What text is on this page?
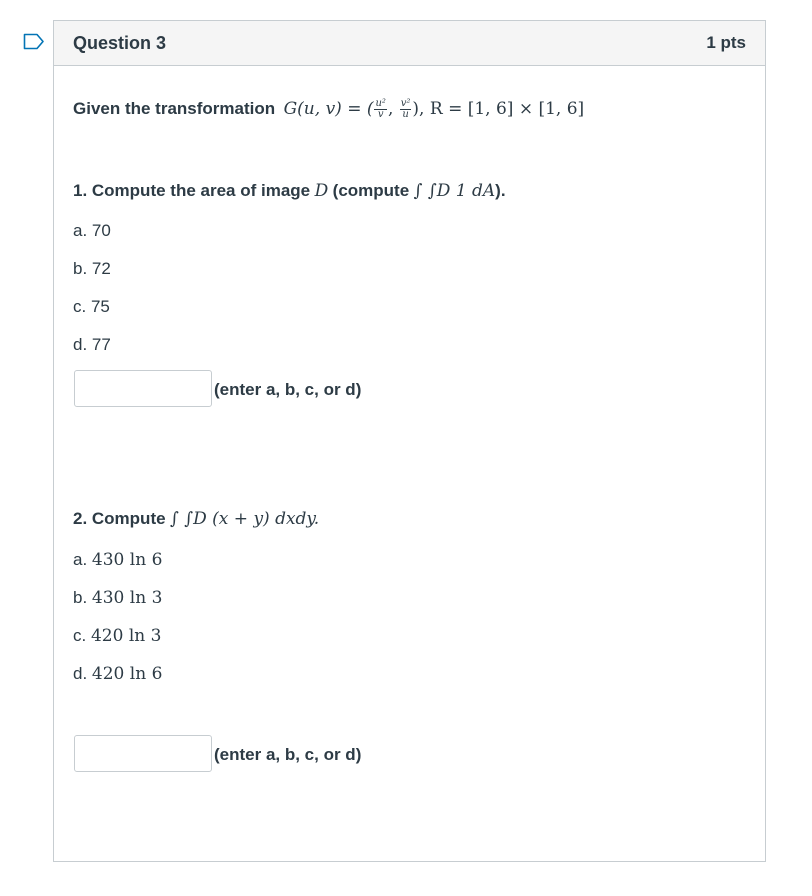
Question 3	1 pts
Given the transformation G(u, v) = ( $\frac{\text{u²}}{v}$ , $\frac{\text{v²}}{u}$ ), R = [1, 6] × [1, 6]
1. Compute the area of image D (compute ∫ ∫D 1 dA).
a. 70
b. 72
c. 75
d. 77
(enter a, b, c, or d)
2. Compute ∫ ∫D (x + y) dxdy.
a. 430 ln 6
b. 430 ln 3
c. 420 ln 3
d. 420 ln 6
(enter a, b, c, or d)
